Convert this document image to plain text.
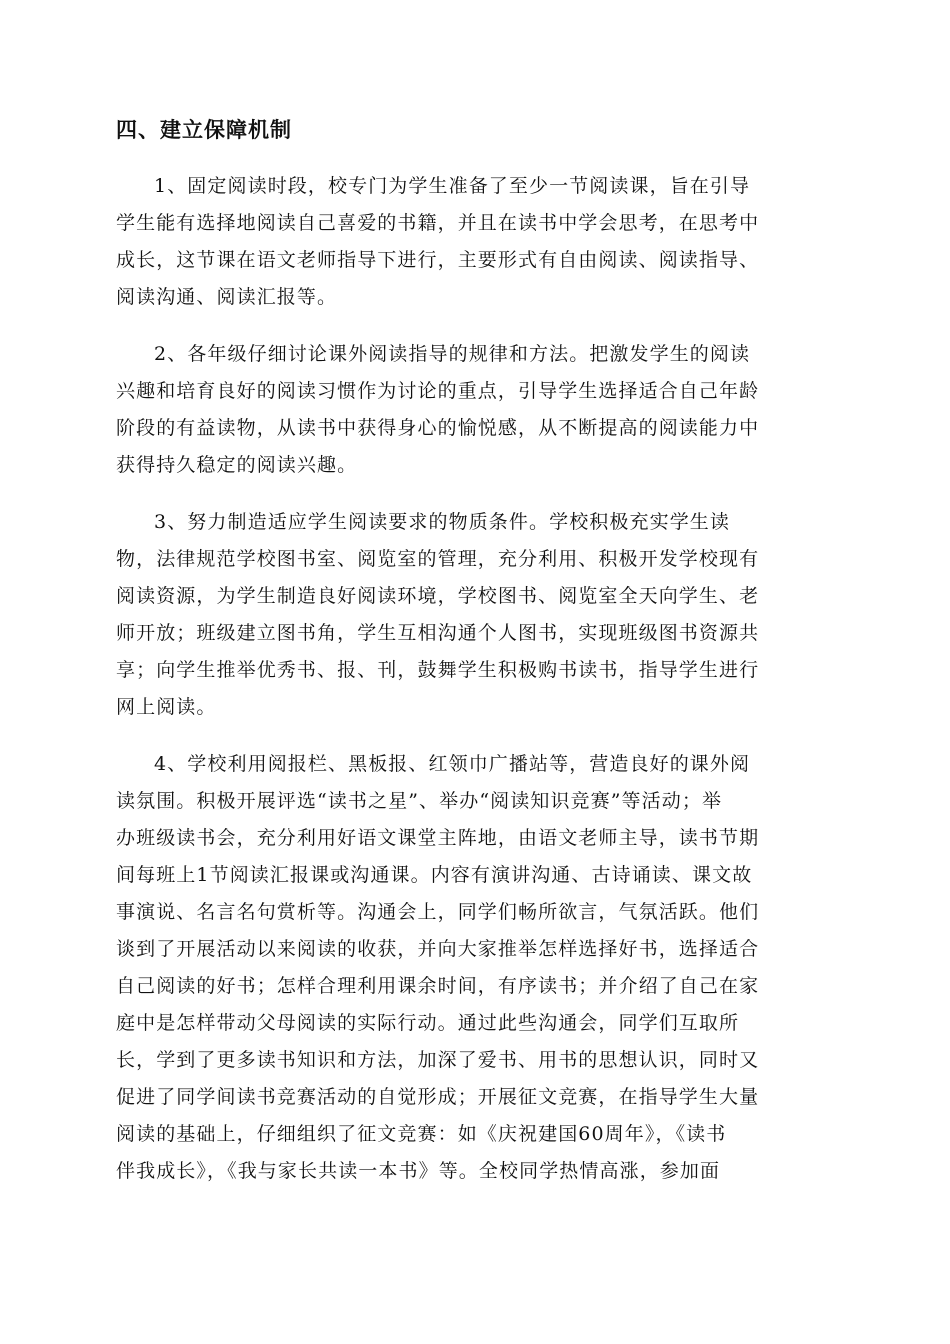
四、建立保障机制
1、固定阅读时段，校专门为学生准备了至少一节阅读课，旨在引导
学生能有选择地阅读自己喜爱的书籍，并且在读书中学会思考，在思考中
成长，这节课在语文老师指导下进行，主要形式有自由阅读、阅读指导、
阅读沟通、阅读汇报等。
2、各年级仔细讨论课外阅读指导的规律和方法。把激发学生的阅读
兴趣和培育良好的阅读习惯作为讨论的重点，引导学生选择适合自己年龄
阶段的有益读物，从读书中获得身心的愉悦感，从不断提高的阅读能力中
获得持久稳定的阅读兴趣。
3、努力制造适应学生阅读要求的物质条件。学校积极充实学生读
物，法律规范学校图书室、阅览室的管理，充分利用、积极开发学校现有
阅读资源，为学生制造良好阅读环境，学校图书、阅览室全天向学生、老
师开放；班级建立图书角，学生互相沟通个人图书，实现班级图书资源共
享；向学生推举优秀书、报、刊，鼓舞学生积极购书读书，指导学生进行
网上阅读。
4、学校利用阅报栏、黑板报、红领巾广播站等，营造良好的课外阅
读氛围。积极开展评选“读书之星”、举办“阅读知识竞赛”等活动；举
办班级读书会，充分利用好语文课堂主阵地，由语文老师主导，读书节期
间每班上1节阅读汇报课或沟通课。内容有演讲沟通、古诗诵读、课文故
事演说、名言名句赏析等。沟通会上，同学们畅所欲言，气氛活跃。他们
谈到了开展活动以来阅读的收获，并向大家推举怎样选择好书，选择适合
自己阅读的好书；怎样合理利用课余时间，有序读书；并介绍了自己在家
庭中是怎样带动父母阅读的实际行动。通过此些沟通会，同学们互取所
长，学到了更多读书知识和方法，加深了爱书、用书的思想认识，同时又
促进了同学间读书竞赛活动的自觉形成；开展征文竞赛，在指导学生大量
阅读的基础上，仔细组织了征文竞赛：如《庆祝建国60周年》，《读书
伴我成长》，《我与家长共读一本书》等。全校同学热情高涨，参加面
